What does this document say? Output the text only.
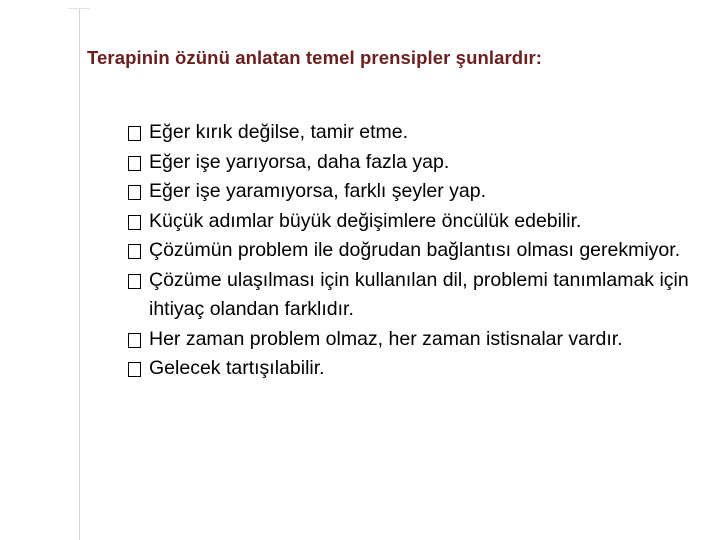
Terapinin özünü anlatan temel prensipler şunlardır:
Eğer kırık değilse, tamir etme.
Eğer işe yarıyorsa, daha fazla yap.
Eğer işe yaramıyorsa, farklı şeyler yap.
Küçük adımlar büyük değişimlere öncülük edebilir.
Çözümün problem ile doğrudan bağlantısı olması gerekmiyor.
Çözüme ulaşılması için kullanılan dil, problemi tanımlamak için ihtiyaç olandan farklıdır.
Her zaman problem olmaz, her zaman istisnalar vardır.
Gelecek tartışılabilir.
